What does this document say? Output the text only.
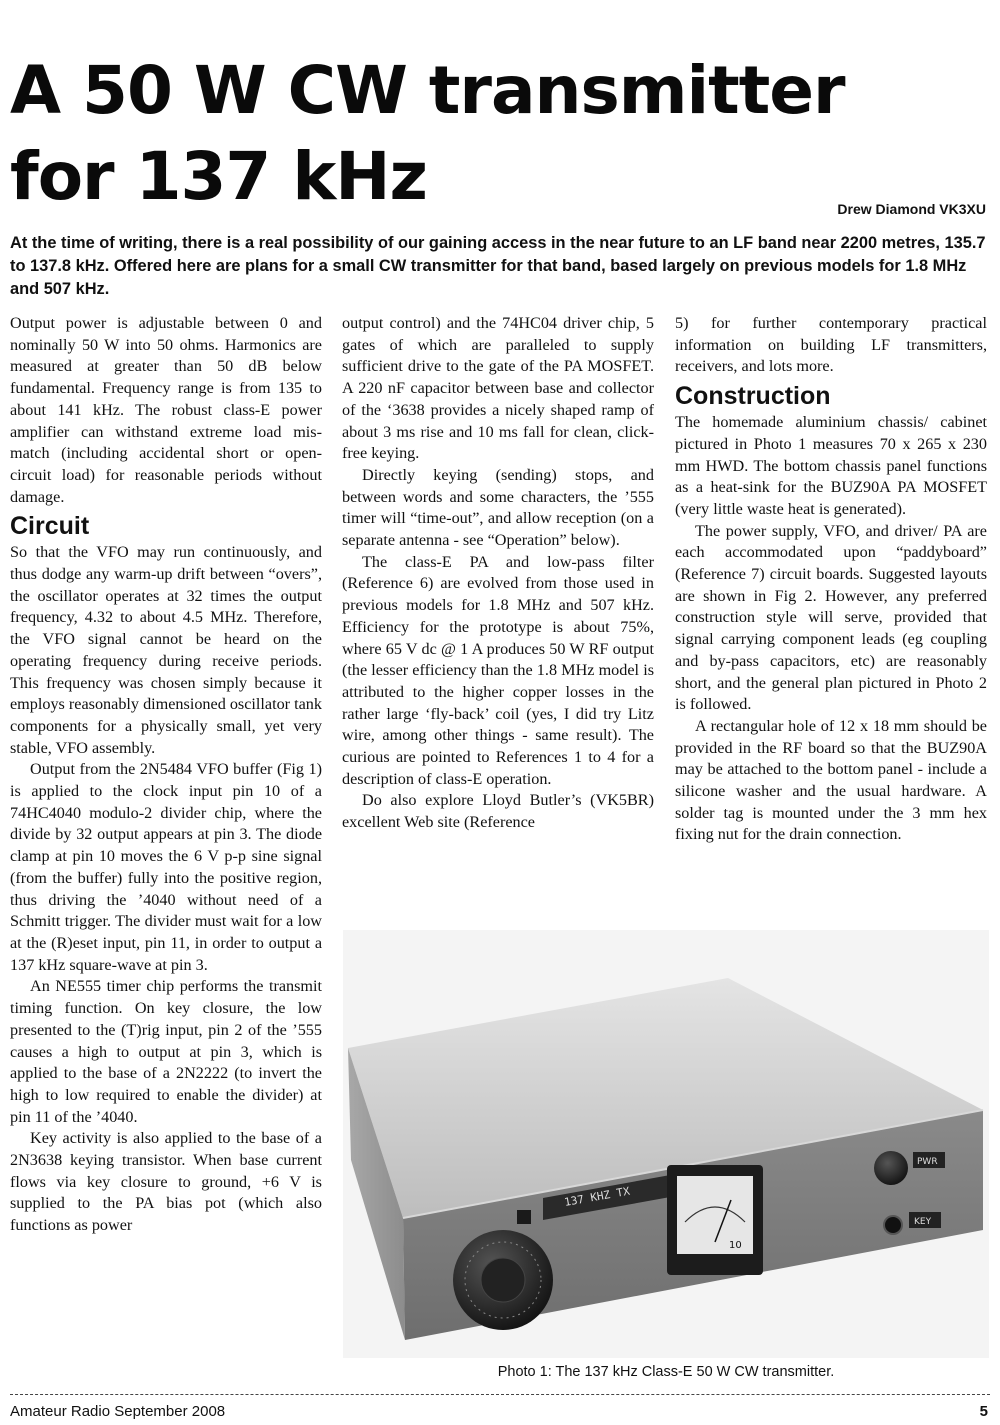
A 50 W CW transmitter
for 137 kHz	Drew Diamond VK3XU

At the time of writing, there is a real possibility of our gaining access in the near future to an LF band near 2200 metres, 135.7 to 137.8 kHz. Offered here are plans for a small CW transmitter for that band, based largely on previous models for 1.8 MHz and 507 kHz.

Output power is adjustable between 0 and nominally 50 W into 50 ohms. Harmonics are measured at greater than 50 dB below fundamental. Frequency range is from 135 to about 141 kHz. The robust class-E power amplifier can withstand extreme load mis-match (including accidental short or open-circuit load) for reasonable periods without damage.

Circuit

So that the VFO may run continuously, and thus dodge any warm-up drift between “overs”, the oscillator operates at 32 times the output frequency, 4.32 to about 4.5 MHz. Therefore, the VFO signal cannot be heard on the operating frequency during receive periods. This frequency was chosen simply because it employs reasonably dimensioned oscillator tank components for a physically small, yet very stable, VFO assembly.

Output from the 2N5484 VFO buffer (Fig 1) is applied to the clock input pin 10 of a 74HC4040 modulo-2 divider chip, where the divide by 32 output appears at pin 3. The diode clamp at pin 10 moves the 6 V p-p sine signal (from the buffer) fully into the positive region, thus driving the ’4040 without need of a Schmitt trigger. The divider must wait for a low at the (R)eset input, pin 11, in order to output a 137 kHz square-wave at pin 3.

An NE555 timer chip performs the transmit timing function. On key closure, the low presented to the (T)rig input, pin 2 of the ’555 causes a high to output at pin 3, which is applied to the base of a 2N2222 (to invert the high to low required to enable the divider) at pin 11 of the ’4040.

Key activity is also applied to the base of a 2N3638 keying transistor. When base current flows via key closure to ground, +6 V is supplied to the PA bias pot (which also functions as power

output control) and the 74HC04 driver chip, 5 gates of which are paralleled to supply sufficient drive to the gate of the PA MOSFET. A 220 nF capacitor between base and collector of the ‘3638 provides a nicely shaped ramp of about 3 ms rise and 10 ms fall for clean, click-free keying.

Directly keying (sending) stops, and between words and some characters, the ’555 timer will “time-out”, and allow reception (on a separate antenna - see “Operation” below).

The class-E PA and low-pass filter (Reference 6) are evolved from those used in previous models for 1.8 MHz and 507 kHz. Efficiency for the prototype is about 75%, where 65 V dc @ 1 A produces 50 W RF output (the lesser efficiency than the 1.8 MHz model is attributed to the higher copper losses in the rather large ‘fly-back’ coil (yes, I did try Litz wire, among other things - same result). The curious are pointed to References 1 to 4 for a description of class-E operation.

Do also explore Lloyd Butler’s (VK5BR) excellent Web site (Reference

5) for further contemporary practical information on building LF transmitters, receivers, and lots more.

Construction

The homemade aluminium chassis/ cabinet pictured in Photo 1 measures 70 x 265 x 230 mm HWD. The bottom chassis panel functions as a heat-sink for the BUZ90A PA MOSFET (very little waste heat is generated).

The power supply, VFO, and driver/ PA are each accommodated upon “paddyboard” (Reference 7) circuit boards. Suggested layouts are shown in Fig 2. However, any preferred construction style will serve, provided that signal carrying component leads (eg coupling and by-pass capacitors, etc) are reasonably short, and the general plan pictured in Photo 2 is followed.

A rectangular hole of 12 x 18 mm should be provided in the RF board so that the BUZ90A may be attached to the bottom panel - include a silicone washer and the usual hardware. A solder tag is mounted under the 3 mm hex fixing nut for the drain connection.

137 KHZ TX
10
PWR
KEY
Photo 1: The 137 kHz Class-E 50 W CW transmitter.
Amateur Radio September 2008	5
